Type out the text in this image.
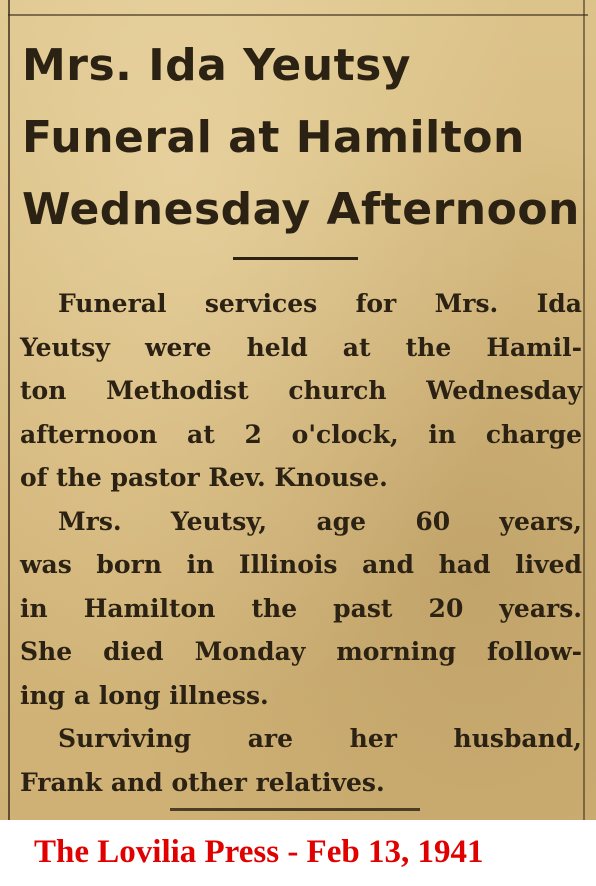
Mrs. Ida Yeutsy
Funeral at Hamilton
Wednesday Afternoon
Funeral services for Mrs. Ida
Yeutsy were held at the Hamil-
ton Methodist church Wednesday
afternoon at 2 o'clock, in charge
of the pastor Rev. Knouse.
Mrs. Yeutsy, age 60 years,
was born in Illinois and had lived
in Hamilton the past 20 years.
She died Monday morning follow-
ing a long illness.
Surviving are her husband,
Frank and other relatives.
The Lovilia Press - Feb 13, 1941
